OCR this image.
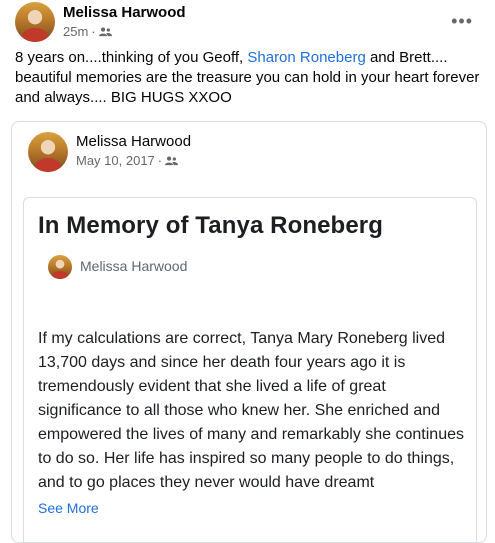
Melissa Harwood
25m ·
•••
8 years on....thinking of you Geoff, Sharon Roneberg and Brett.... beautiful memories are the treasure you can hold in your heart forever and always.... BIG HUGS XXOO
Melissa Harwood
May 10, 2017 ·
In Memory of Tanya Roneberg
Melissa Harwood
If my calculations are correct, Tanya Mary Roneberg lived 13,700 days and since her death four years ago it is tremendously evident that she lived a life of great significance to all those who knew her. She enriched and empowered the lives of many and remarkably she continues to do so. Her life has inspired so many people to do things, and to go places they never would have dreamt
See More
